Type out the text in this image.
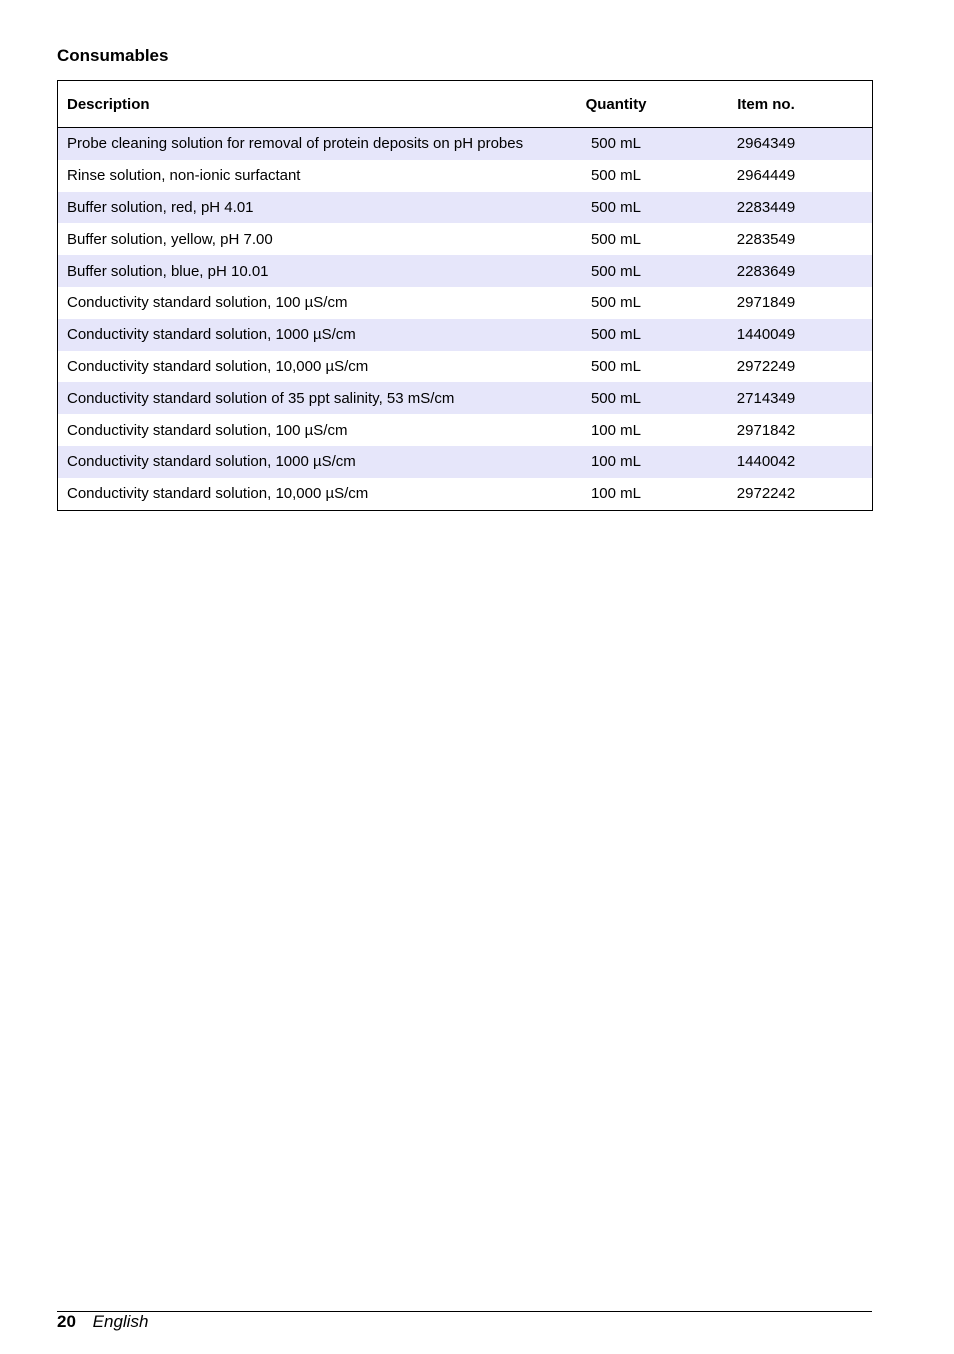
Consumables
Description	Quantity	Item no.
Probe cleaning solution for removal of protein deposits on pH probes	500 mL	2964349
Rinse solution, non-ionic surfactant	500 mL	2964449
Buffer solution, red, pH 4.01	500 mL	2283449
Buffer solution, yellow, pH 7.00	500 mL	2283549
Buffer solution, blue, pH 10.01	500 mL	2283649
Conductivity standard solution, 100 µS/cm	500 mL	2971849
Conductivity standard solution, 1000 µS/cm	500 mL	1440049
Conductivity standard solution, 10,000 µS/cm	500 mL	2972249
Conductivity standard solution of 35 ppt salinity, 53 mS/cm	500 mL	2714349
Conductivity standard solution, 100 µS/cm	100 mL	2971842
Conductivity standard solution, 1000 µS/cm	100 mL	1440042
Conductivity standard solution, 10,000 µS/cm	100 mL	2972242
20 English
